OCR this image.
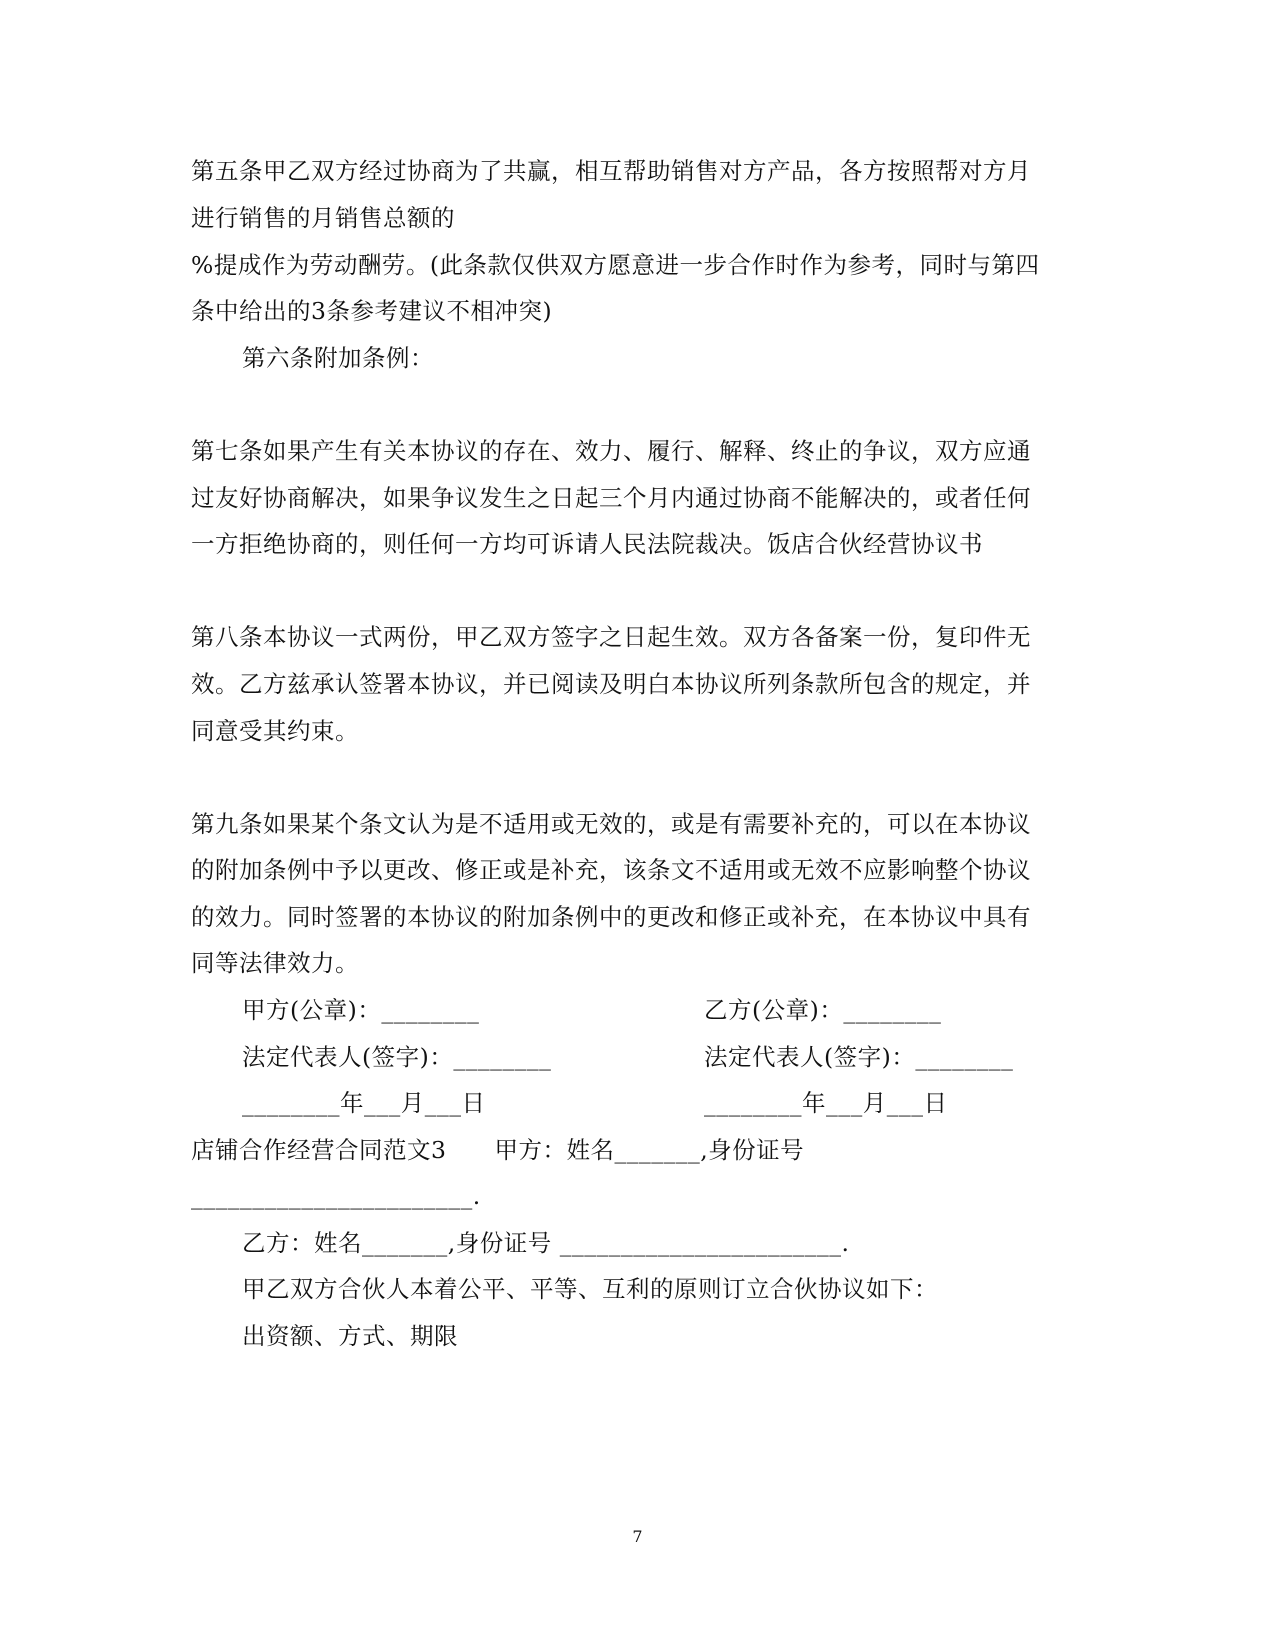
第五条甲乙双方经过协商为了共赢，相互帮助销售对方产品，各方按照帮对方月
进行销售的月销售总额的
%提成作为劳动酬劳。(此条款仅供双方愿意进一步合作时作为参考，同时与第四
条中给出的3条参考建议不相冲突)
第六条附加条例：
第七条如果产生有关本协议的存在、效力、履行、解释、终止的争议，双方应通
过友好协商解决，如果争议发生之日起三个月内通过协商不能解决的，或者任何
一方拒绝协商的，则任何一方均可诉请人民法院裁决。饭店合伙经营协议书
第八条本协议一式两份，甲乙双方签字之日起生效。双方各备案一份，复印件无
效。乙方兹承认签署本协议，并已阅读及明白本协议所列条款所包含的规定，并
同意受其约束。
第九条如果某个条文认为是不适用或无效的，或是有需要补充的，可以在本协议
的附加条例中予以更改、修正或是补充，该条文不适用或无效不应影响整个协议
的效力。同时签署的本协议的附加条例中的更改和修正或补充，在本协议中具有
同等法律效力。
甲方(公章)：________	乙方(公章)：________
法定代表人(签字)：________	法定代表人(签字)：________
________年___月___日	________年___月___日
店铺合作经营合同范文3　　甲方：姓名_______,身份证号
_______________________.
乙方：姓名_______,身份证号 _______________________.
甲乙双方合伙人本着公平、平等、互利的原则订立合伙协议如下：
出资额、方式、期限
7
